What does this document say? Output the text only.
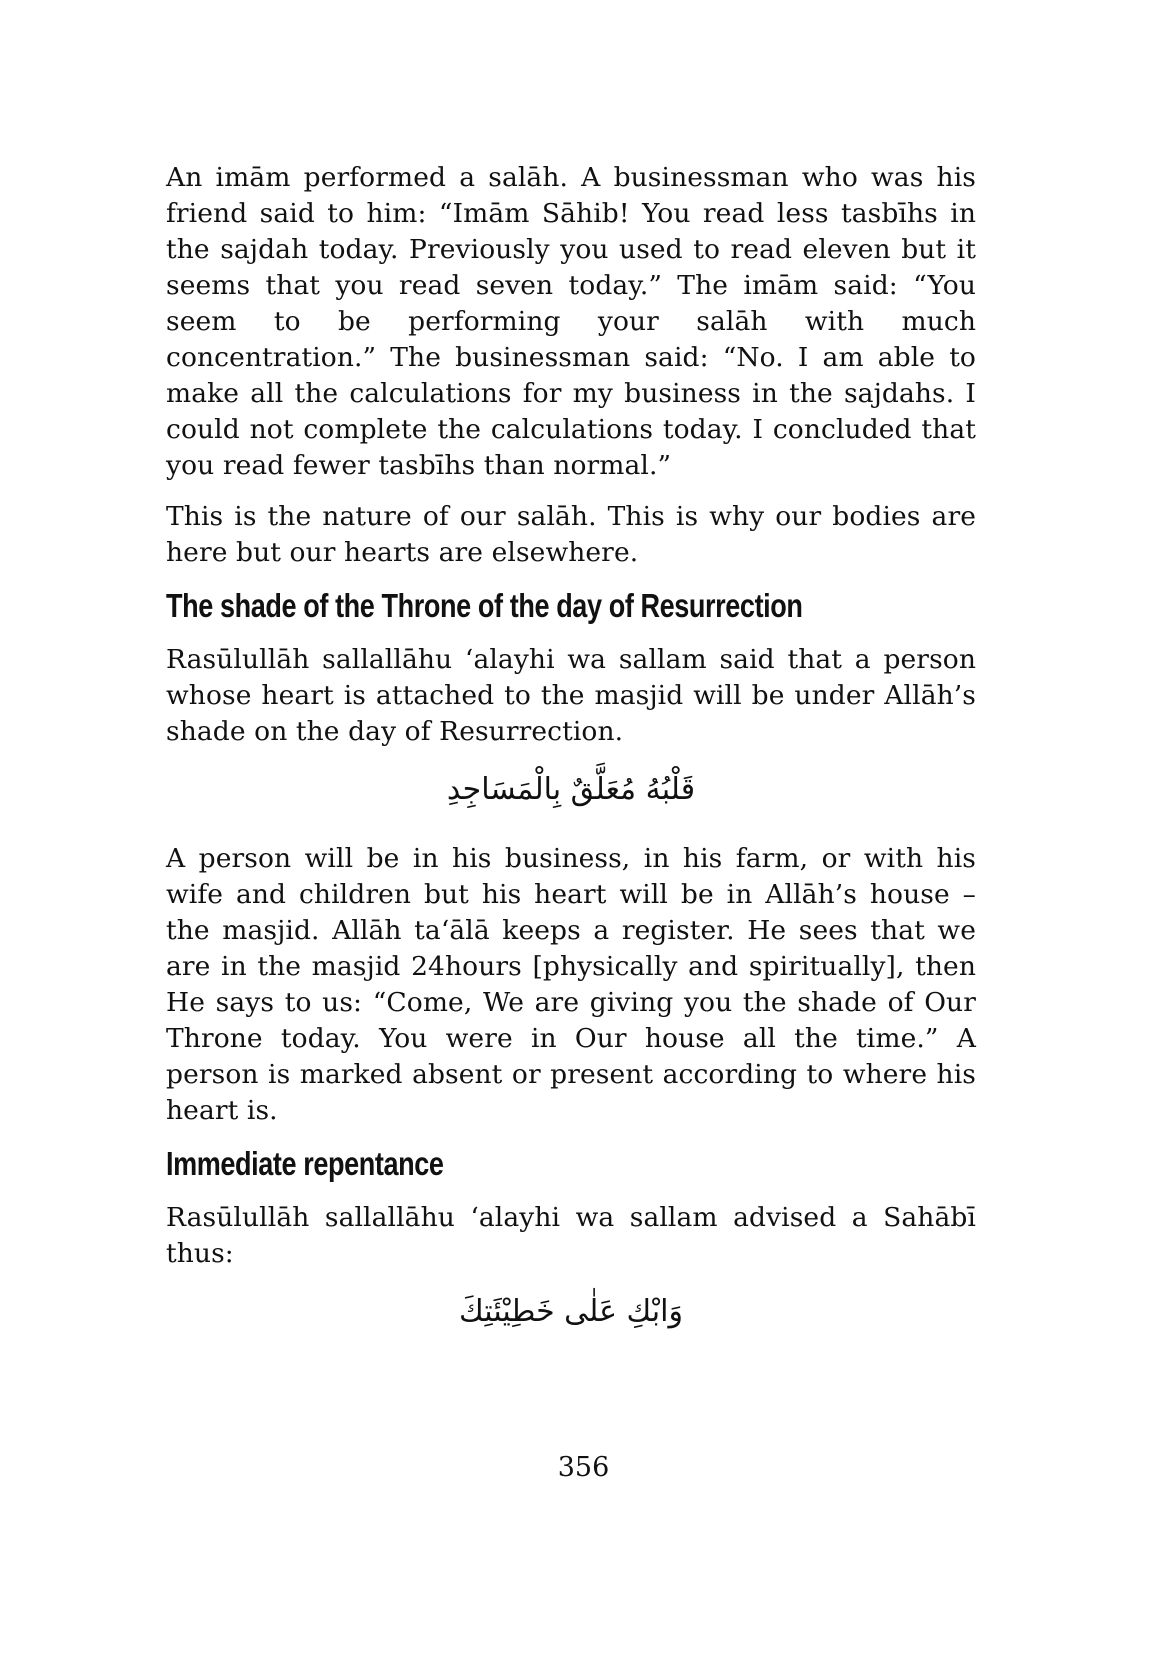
An imām performed a salāh. A businessman who was his friend said to him: “Imām Sāhib! You read less tasbīhs in the sajdah today. Previously you used to read eleven but it seems that you read seven today.” The imām said: “You seem to be performing your salāh with much concentration.” The businessman said: “No. I am able to make all the calculations for my business in the sajdahs. I could not complete the calculations today. I concluded that you read fewer tasbīhs than normal.”

This is the nature of our salāh. This is why our bodies are here but our hearts are elsewhere.

The shade of the Throne of the day of Resurrection

Rasūlullāh sallallāhu ‘alayhi wa sallam said that a person whose heart is attached to the masjid will be under Allāh’s shade on the day of Resurrection.

قَلْبُهُ مُعَلَّقٌ بِالْمَسَاجِدِ

A person will be in his business, in his farm, or with his wife and children but his heart will be in Allāh’s house – the masjid. Allāh ta‘ālā keeps a register. He sees that we are in the masjid 24hours [physically and spiritually], then He says to us: “Come, We are giving you the shade of Our Throne today. You were in Our house all the time.” A person is marked absent or present according to where his heart is.

Immediate repentance

Rasūlullāh sallallāhu ‘alayhi wa sallam advised a Sahābī thus:

وَابْكِ عَلٰى خَطِيْئَتِكَ
356
